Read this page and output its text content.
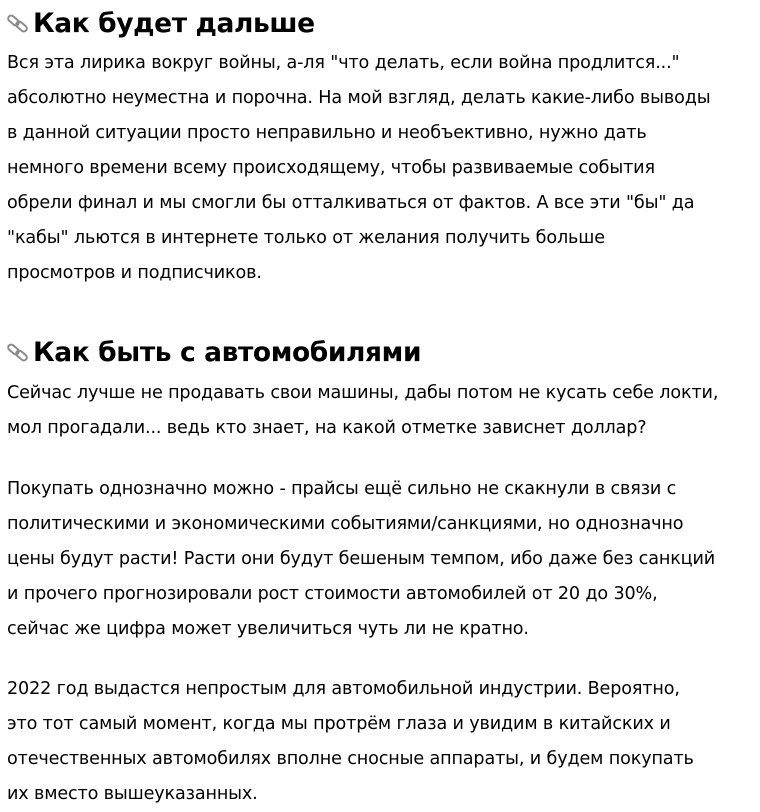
Как будет дальше

Вся эта лирика вокруг войны, а-ля "что делать, если война продлится..."
абсолютно неуместна и порочна. На мой взгляд, делать какие-либо выводы
в данной ситуации просто неправильно и необъективно, нужно дать
немного времени всему происходящему, чтобы развиваемые события
обрели финал и мы смогли бы отталкиваться от фактов. А все эти "бы" да
"кабы" льются в интернете только от желания получить больше
просмотров и подписчиков.

Как быть с автомобилями

Сейчас лучше не продавать свои машины, дабы потом не кусать себе локти,
мол прогадали... ведь кто знает, на какой отметке зависнет доллар?

Покупать однозначно можно - прайсы ещё сильно не скакнули в связи с
политическими и экономическими событиями/санкциями, но однозначно
цены будут расти! Расти они будут бешеным темпом, ибо даже без санкций
и прочего прогнозировали рост стоимости автомобилей от 20 до 30%,
сейчас же цифра может увеличиться чуть ли не кратно.

2022 год выдастся непростым для автомобильной индустрии. Вероятно,
это тот самый момент, когда мы протрём глаза и увидим в китайских и
отечественных автомобилях вполне сносные аппараты, и будем покупать
их вместо вышеуказанных.
